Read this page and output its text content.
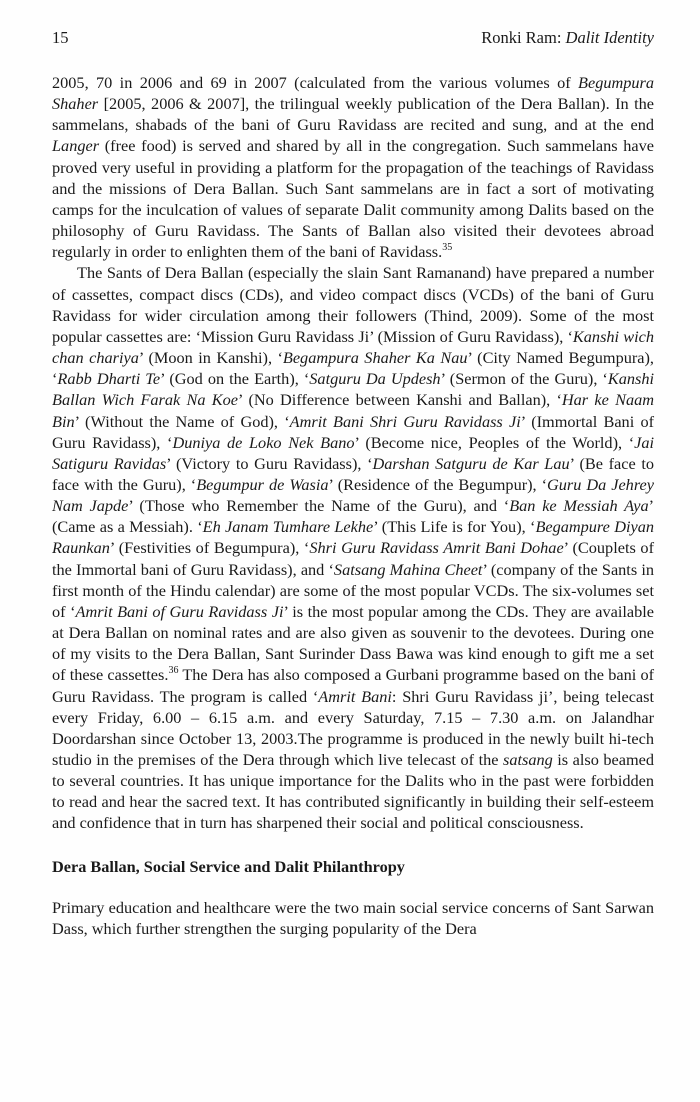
15	Ronki Ram: Dalit Identity

2005, 70 in 2006 and 69 in 2007 (calculated from the various volumes of Begumpura Shaher [2005, 2006 & 2007], the trilingual weekly publication of the Dera Ballan). In the sammelans, shabads of the bani of Guru Ravidass are recited and sung, and at the end Langer (free food) is served and shared by all in the congregation. Such sammelans have proved very useful in providing a platform for the propagation of the teachings of Ravidass and the missions of Dera Ballan. Such Sant sammelans are in fact a sort of motivating camps for the inculcation of values of separate Dalit community among Dalits based on the philosophy of Guru Ravidass. The Sants of Ballan also visited their devotees abroad regularly in order to enlighten them of the bani of Ravidass.$^{35}$

The Sants of Dera Ballan (especially the slain Sant Ramanand) have prepared a number of cassettes, compact discs (CDs), and video compact discs (VCDs) of the bani of Guru Ravidass for wider circulation among their followers (Thind, 2009). Some of the most popular cassettes are: ‘Mission Guru Ravidass Ji’ (Mission of Guru Ravidass), ‘Kanshi wich chan chariya’ (Moon in Kanshi), ‘Begampura Shaher Ka Nau’ (City Named Begumpura), ‘Rabb Dharti Te’ (God on the Earth), ‘Satguru Da Updesh’ (Sermon of the Guru), ‘Kanshi Ballan Wich Farak Na Koe’ (No Difference between Kanshi and Ballan), ‘Har ke Naam Bin’ (Without the Name of God), ‘Amrit Bani Shri Guru Ravidass Ji’ (Immortal Bani of Guru Ravidass), ‘Duniya de Loko Nek Bano’ (Become nice, Peoples of the World), ‘Jai Satiguru Ravidas’ (Victory to Guru Ravidass), ‘Darshan Satguru de Kar Lau’ (Be face to face with the Guru), ‘Begumpur de Wasia’ (Residence of the Begumpur), ‘Guru Da Jehrey Nam Japde’ (Those who Remember the Name of the Guru), and ‘Ban ke Messiah Aya’ (Came as a Messiah). ‘Eh Janam Tumhare Lekhe’ (This Life is for You), ‘Begampure Diyan Raunkan’ (Festivities of Begumpura), ‘Shri Guru Ravidass Amrit Bani Dohae’ (Couplets of the Immortal bani of Guru Ravidass), and ‘Satsang Mahina Cheet’ (company of the Sants in first month of the Hindu calendar) are some of the most popular VCDs. The six-volumes set of ‘Amrit Bani of Guru Ravidass Ji’ is the most popular among the CDs. They are available at Dera Ballan on nominal rates and are also given as souvenir to the devotees. During one of my visits to the Dera Ballan, Sant Surinder Dass Bawa was kind enough to gift me a set of these cassettes.$^{36}$ The Dera has also composed a Gurbani programme based on the bani of Guru Ravidass. The program is called ‘Amrit Bani: Shri Guru Ravidass ji’, being telecast every Friday, 6.00 – 6.15 a.m. and every Saturday, 7.15 – 7.30 a.m. on Jalandhar Doordarshan since October 13, 2003.The programme is produced in the newly built hi-tech studio in the premises of the Dera through which live telecast of the satsang is also beamed to several countries. It has unique importance for the Dalits who in the past were forbidden to read and hear the sacred text. It has contributed significantly in building their self-esteem and confidence that in turn has sharpened their social and political consciousness.

Dera Ballan, Social Service and Dalit Philanthropy

Primary education and healthcare were the two main social service concerns of Sant Sarwan Dass, which further strengthen the surging popularity of the Dera
